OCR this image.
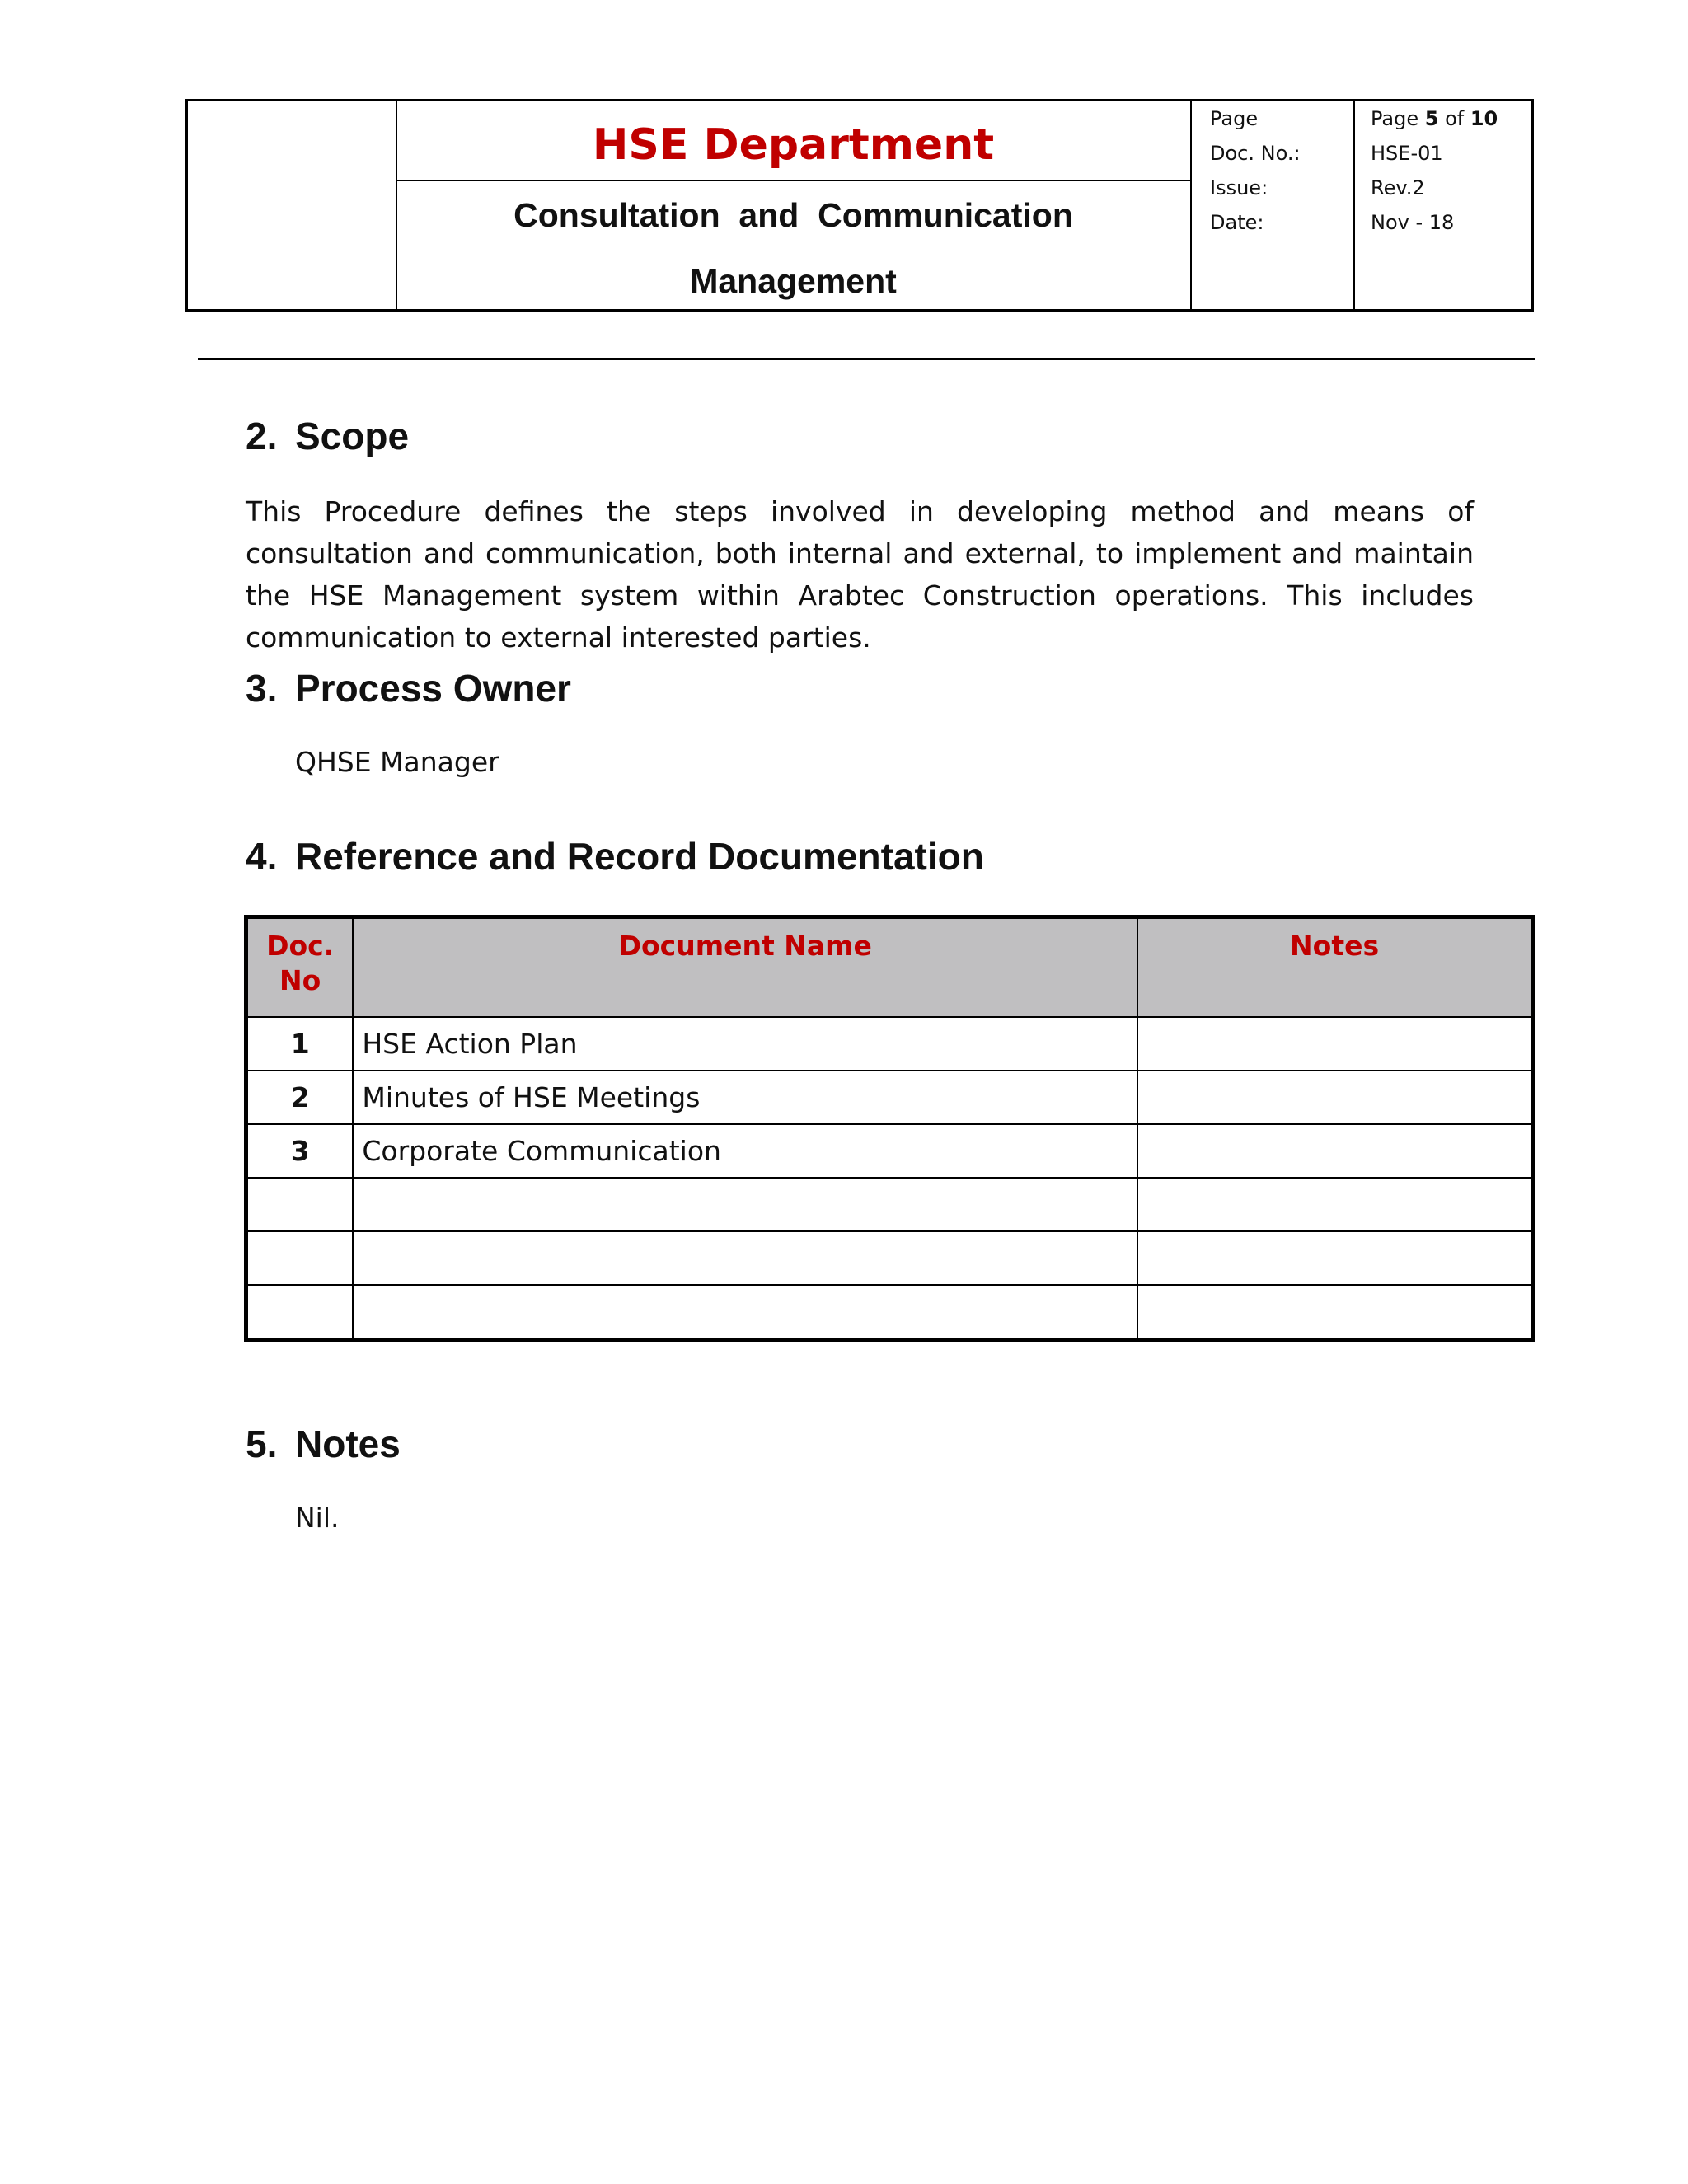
HSE Department
Consultation  and  Communication
Management
Page
Doc. No.:
Issue:
Date:
Page 5 of 10
HSE-01
Rev.2
Nov - 18
2. Scope
This Procedure defines the steps involved in developing method and means of consultation and communication, both internal and external, to implement and maintain the HSE Management system within Arabtec Construction operations. This includes communication to external interested parties.
3. Process Owner
QHSE Manager
4. Reference and Record Documentation
Doc.
No	Document Name	Notes
1	HSE Action Plan	
2	Minutes of HSE Meetings	
3	Corporate Communication	

5. Notes
Nil.
